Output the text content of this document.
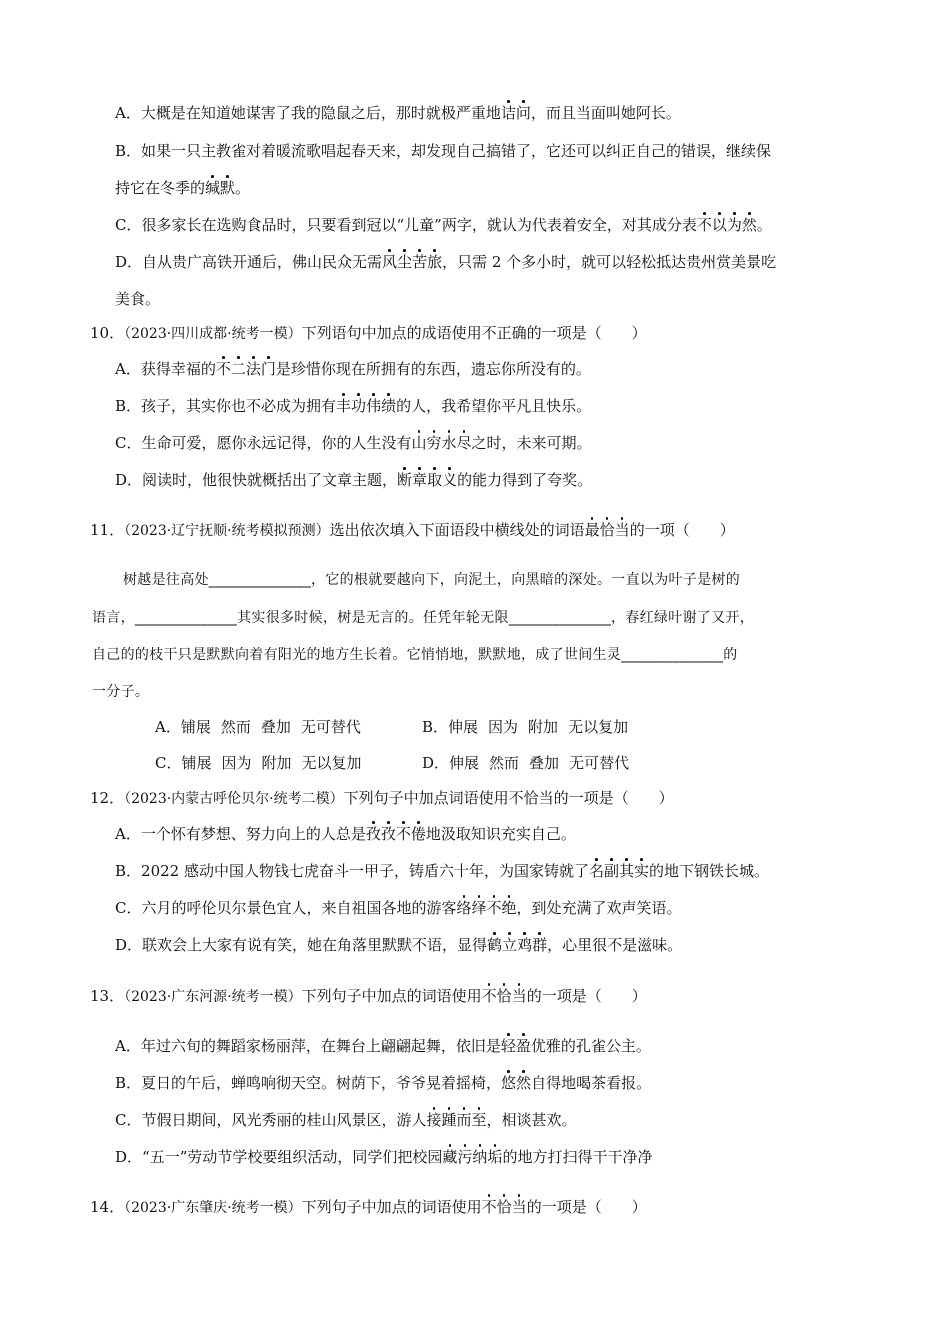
A．大概是在知道她谋害了我的隐鼠之后，那时就极严重地诘问，而且当面叫她阿长。
B．如果一只主教雀对着暖流歌唱起春天来，却发现自己搞错了，它还可以纠正自己的错误，继续保
持它在冬季的缄默。
C．很多家长在选购食品时，只要看到冠以“儿童”两字，就认为代表着安全，对其成分表不以为然。
D．自从贵广高铁开通后，佛山民众无需风尘苦旅，只需 2 个多小时，就可以轻松抵达贵州赏美景吃
美食。
10．（2023·四川成都·统考一模）下列语句中加点的成语使用不正确的一项是（　　）
A．获得幸福的不二法门是珍惜你现在所拥有的东西，遗忘你所没有的。
B．孩子，其实你也不必成为拥有丰功伟绩的人，我希望你平凡且快乐。
C．生命可爱，愿你永远记得，你的人生没有山穷水尽之时，未来可期。
D．阅读时，他很快就概括出了文章主题，断章取义的能力得到了夸奖。
11．（2023·辽宁抚顺·统考模拟预测）选出依次填入下面语段中横线处的词语最恰当的一项（　　）
树越是往高处______________，它的根就要越向下，向泥土，向黑暗的深处。一直以为叶子是树的
语言，______________其实很多时候，树是无言的。任凭年轮无限______________，春红绿叶谢了又开，
自己的的枝干只是默默向着有阳光的地方生长着。它悄悄地，默默地，成了世间生灵______________的
一分子。
A．铺展 然而 叠加 无可替代	B．伸展 因为 附加 无以复加
C．铺展 因为 附加 无以复加	D．伸展 然而 叠加 无可替代
12．（2023·内蒙古呼伦贝尔·统考二模）下列句子中加点词语使用不恰当的一项是（　　）
A．一个怀有梦想、努力向上的人总是孜孜不倦地汲取知识充实自己。
B．2022 感动中国人物钱七虎奋斗一甲子，铸盾六十年，为国家铸就了名副其实的地下钢铁长城。
C．六月的呼伦贝尔景色宜人，来自祖国各地的游客络绎不绝，到处充满了欢声笑语。
D．联欢会上大家有说有笑，她在角落里默默不语，显得鹤立鸡群，心里很不是滋味。
13．（2023·广东河源·统考一模）下列句子中加点的词语使用不恰当的一项是（　　）
A．年过六旬的舞蹈家杨丽萍，在舞台上翩翩起舞，依旧是轻盈优雅的孔雀公主。
B．夏日的午后，蝉鸣响彻天空。树荫下，爷爷晃着摇椅，悠然自得地喝茶看报。
C．节假日期间，风光秀丽的桂山风景区，游人接踵而至，相谈甚欢。
D．“五一”劳动节学校要组织活动，同学们把校园藏污纳垢的地方打扫得干干净净
14．（2023·广东肇庆·统考一模）下列句子中加点的词语使用不恰当的一项是（　　）
